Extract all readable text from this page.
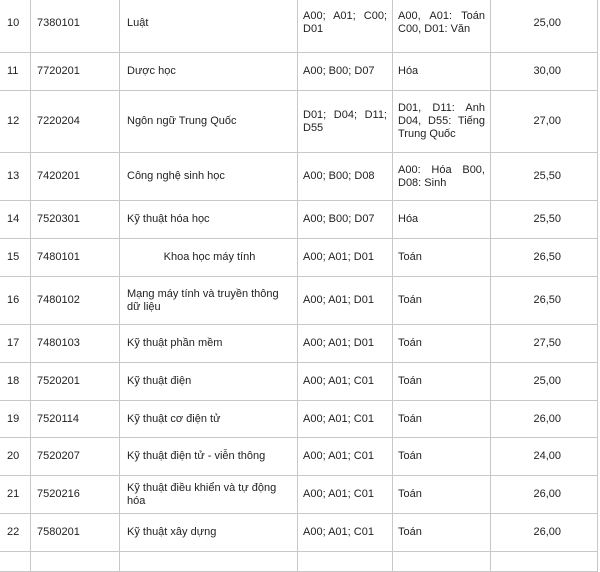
10	7380101	Luật	A00; A01; C00; D01	A00, A01: Toán C00, D01: Văn	25,00
11	7720201	Dược học	A00; B00; D07	Hóa	30,00
12	7220204	Ngôn ngữ Trung Quốc	D01; D04; D11; D55	D01, D11: Anh D04, D55: Tiếng Trung Quốc	27,00
13	7420201	Công nghệ sinh học	A00; B00; D08	A00: Hóa B00, D08: Sinh	25,50
14	7520301	Kỹ thuật hóa học	A00; B00; D07	Hóa	25,50
15	7480101	Khoa học máy tính	A00; A01; D01	Toán	26,50
16	7480102	Mạng máy tính và truyền thông dữ liệu	A00; A01; D01	Toán	26,50
17	7480103	Kỹ thuật phần mềm	A00; A01; D01	Toán	27,50
18	7520201	Kỹ thuật điện	A00; A01; C01	Toán	25,00
19	7520114	Kỹ thuật cơ điện tử	A00; A01; C01	Toán	26,00
20	7520207	Kỹ thuật điện tử - viễn thông	A00; A01; C01	Toán	24,00
21	7520216	Kỹ thuật điều khiển và tự động hóa	A00; A01; C01	Toán	26,00
22	7580201	Kỹ thuật xây dựng	A00; A01; C01	Toán	26,00
